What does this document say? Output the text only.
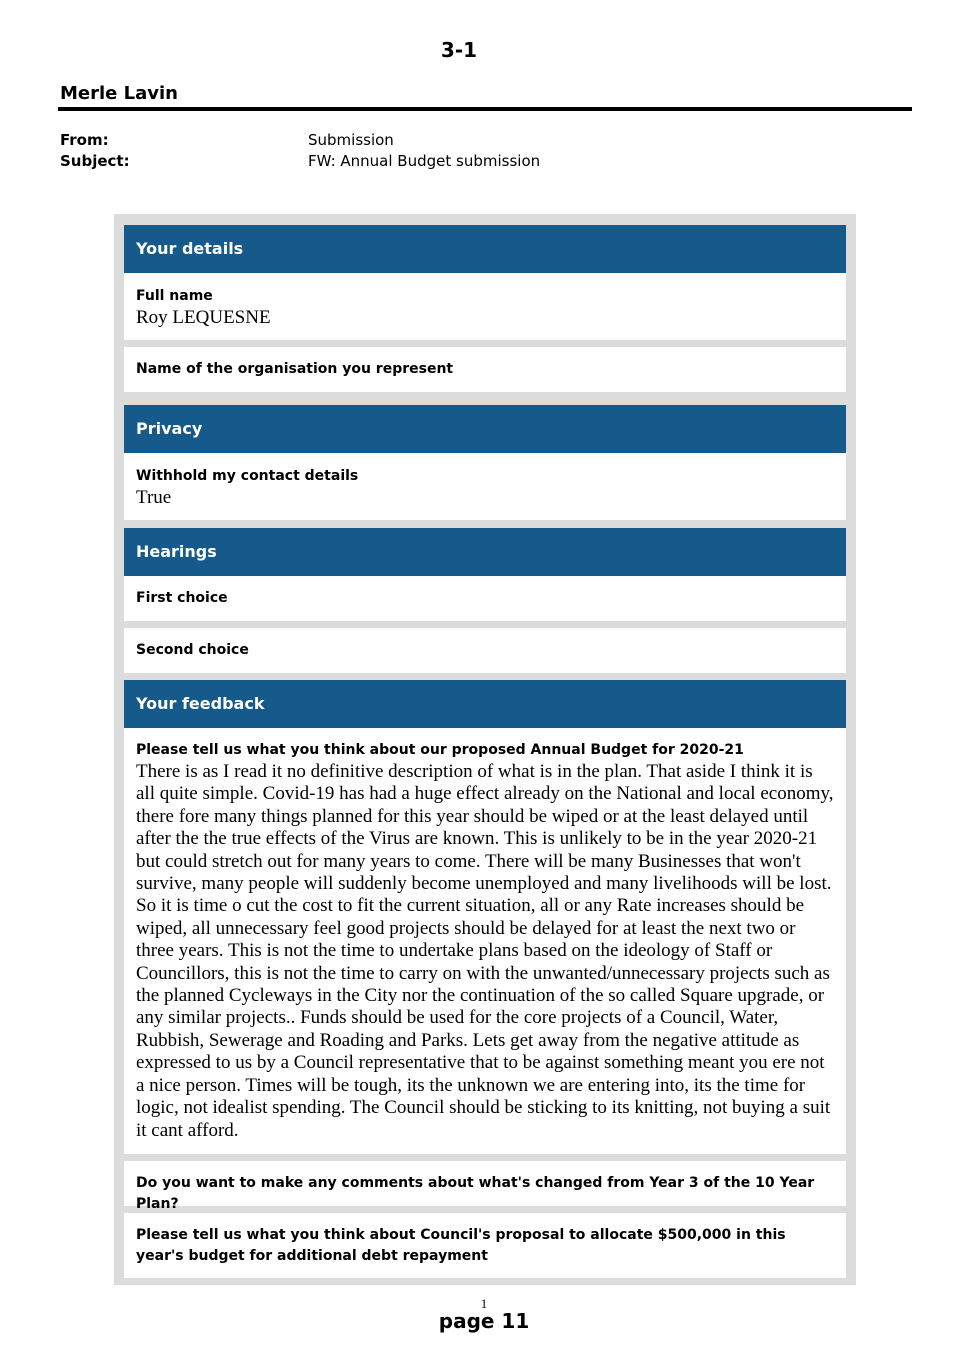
3-1
Merle Lavin
From:	Submission
Subject:	FW: Annual Budget submission
Your details
Full name
Roy LEQUESNE
Name of the organisation you represent
Privacy
Withhold my contact details
True
Hearings
First choice
Second choice
Your feedback
Please tell us what you think about our proposed Annual Budget for 2020-21
There is as I read it no definitive description of what is in the plan. That aside I think it is all quite simple. Covid-19 has had a huge effect already on the National and local economy, there fore many things planned for this year should be wiped or at the least delayed until after the the true effects of the Virus are known. This is unlikely to be in the year 2020-21 but could stretch out for many years to come. There will be many Businesses that won't survive, many people will suddenly become unemployed and many livelihoods will be lost. So it is time o cut the cost to fit the current situation, all or any Rate increases should be wiped, all unnecessary feel good projects should be delayed for at least the next two or three years. This is not the time to undertake plans based on the ideology of Staff or Councillors, this is not the time to carry on with the unwanted/unnecessary projects such as the planned Cycleways in the City nor the continuation of the so called Square upgrade, or any similar projects.. Funds should be used for the core projects of a Council, Water, Rubbish, Sewerage and Roading and Parks. Lets get away from the negative attitude as expressed to us by a Council representative that to be against something meant you ere not a nice person. Times will be tough, its the unknown we are entering into, its the time for logic, not idealist spending. The Council should be sticking to its knitting, not buying a suit it cant afford.
Do you want to make any comments about what's changed from Year 3 of the 10 Year Plan?
Please tell us what you think about Council's proposal to allocate $500,000 in this year's budget for additional debt repayment
1
page 11
